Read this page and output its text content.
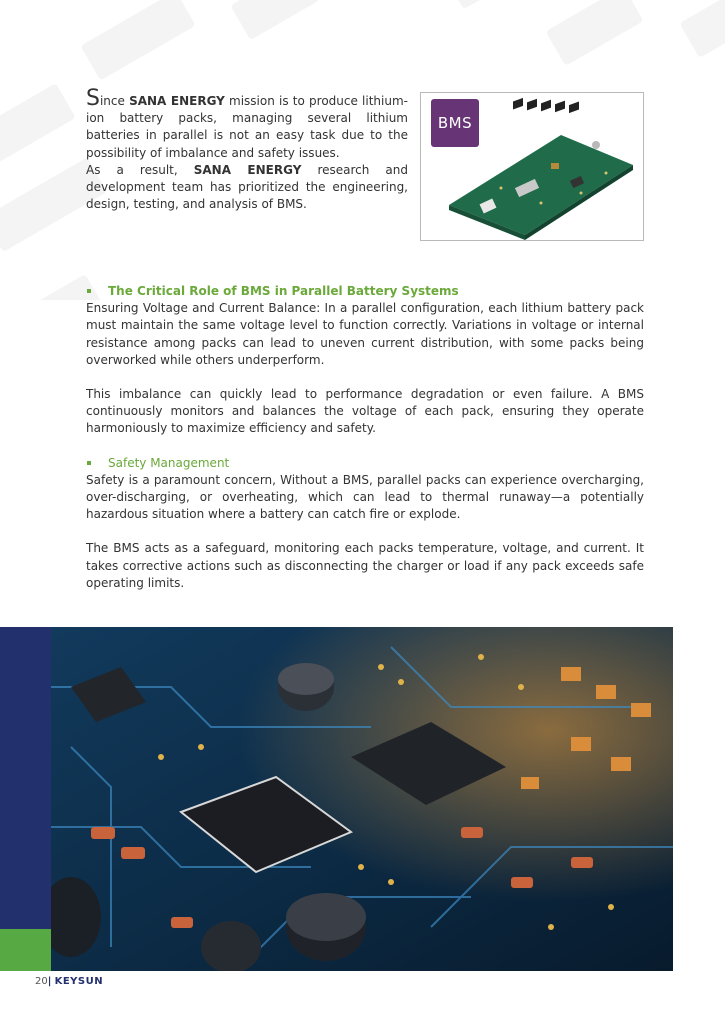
Since SANA ENERGY mission is to produce lithium-ion battery packs, managing several lithium batteries in parallel is not an easy task due to the possibility of imbalance and safety issues.

As a result, SANA ENERGY research and development team has prioritized the engineering, design, testing, and analysis of BMS.

BMS
The Critical Role of BMS in Parallel Battery Systems

Ensuring Voltage and Current Balance: In a parallel configuration, each lithium battery pack must maintain the same voltage level to function correctly. Variations in voltage or internal resistance among packs can lead to uneven current distribution, with some packs being overworked while others underperform.

This imbalance can quickly lead to performance degradation or even failure. A BMS continuously monitors and balances the voltage of each pack, ensuring they operate harmoniously to maximize efficiency and safety.

Safety Management

Safety is a paramount concern, Without a BMS, parallel packs can experience overcharging, over-discharging, or overheating, which can lead to thermal runaway—a potentially hazardous situation where a battery can catch fire or explode.

The BMS acts as a safeguard, monitoring each packs temperature, voltage, and current. It takes corrective actions such as disconnecting the charger or load if any pack exceeds safe operating limits.

20| KEYSUN
